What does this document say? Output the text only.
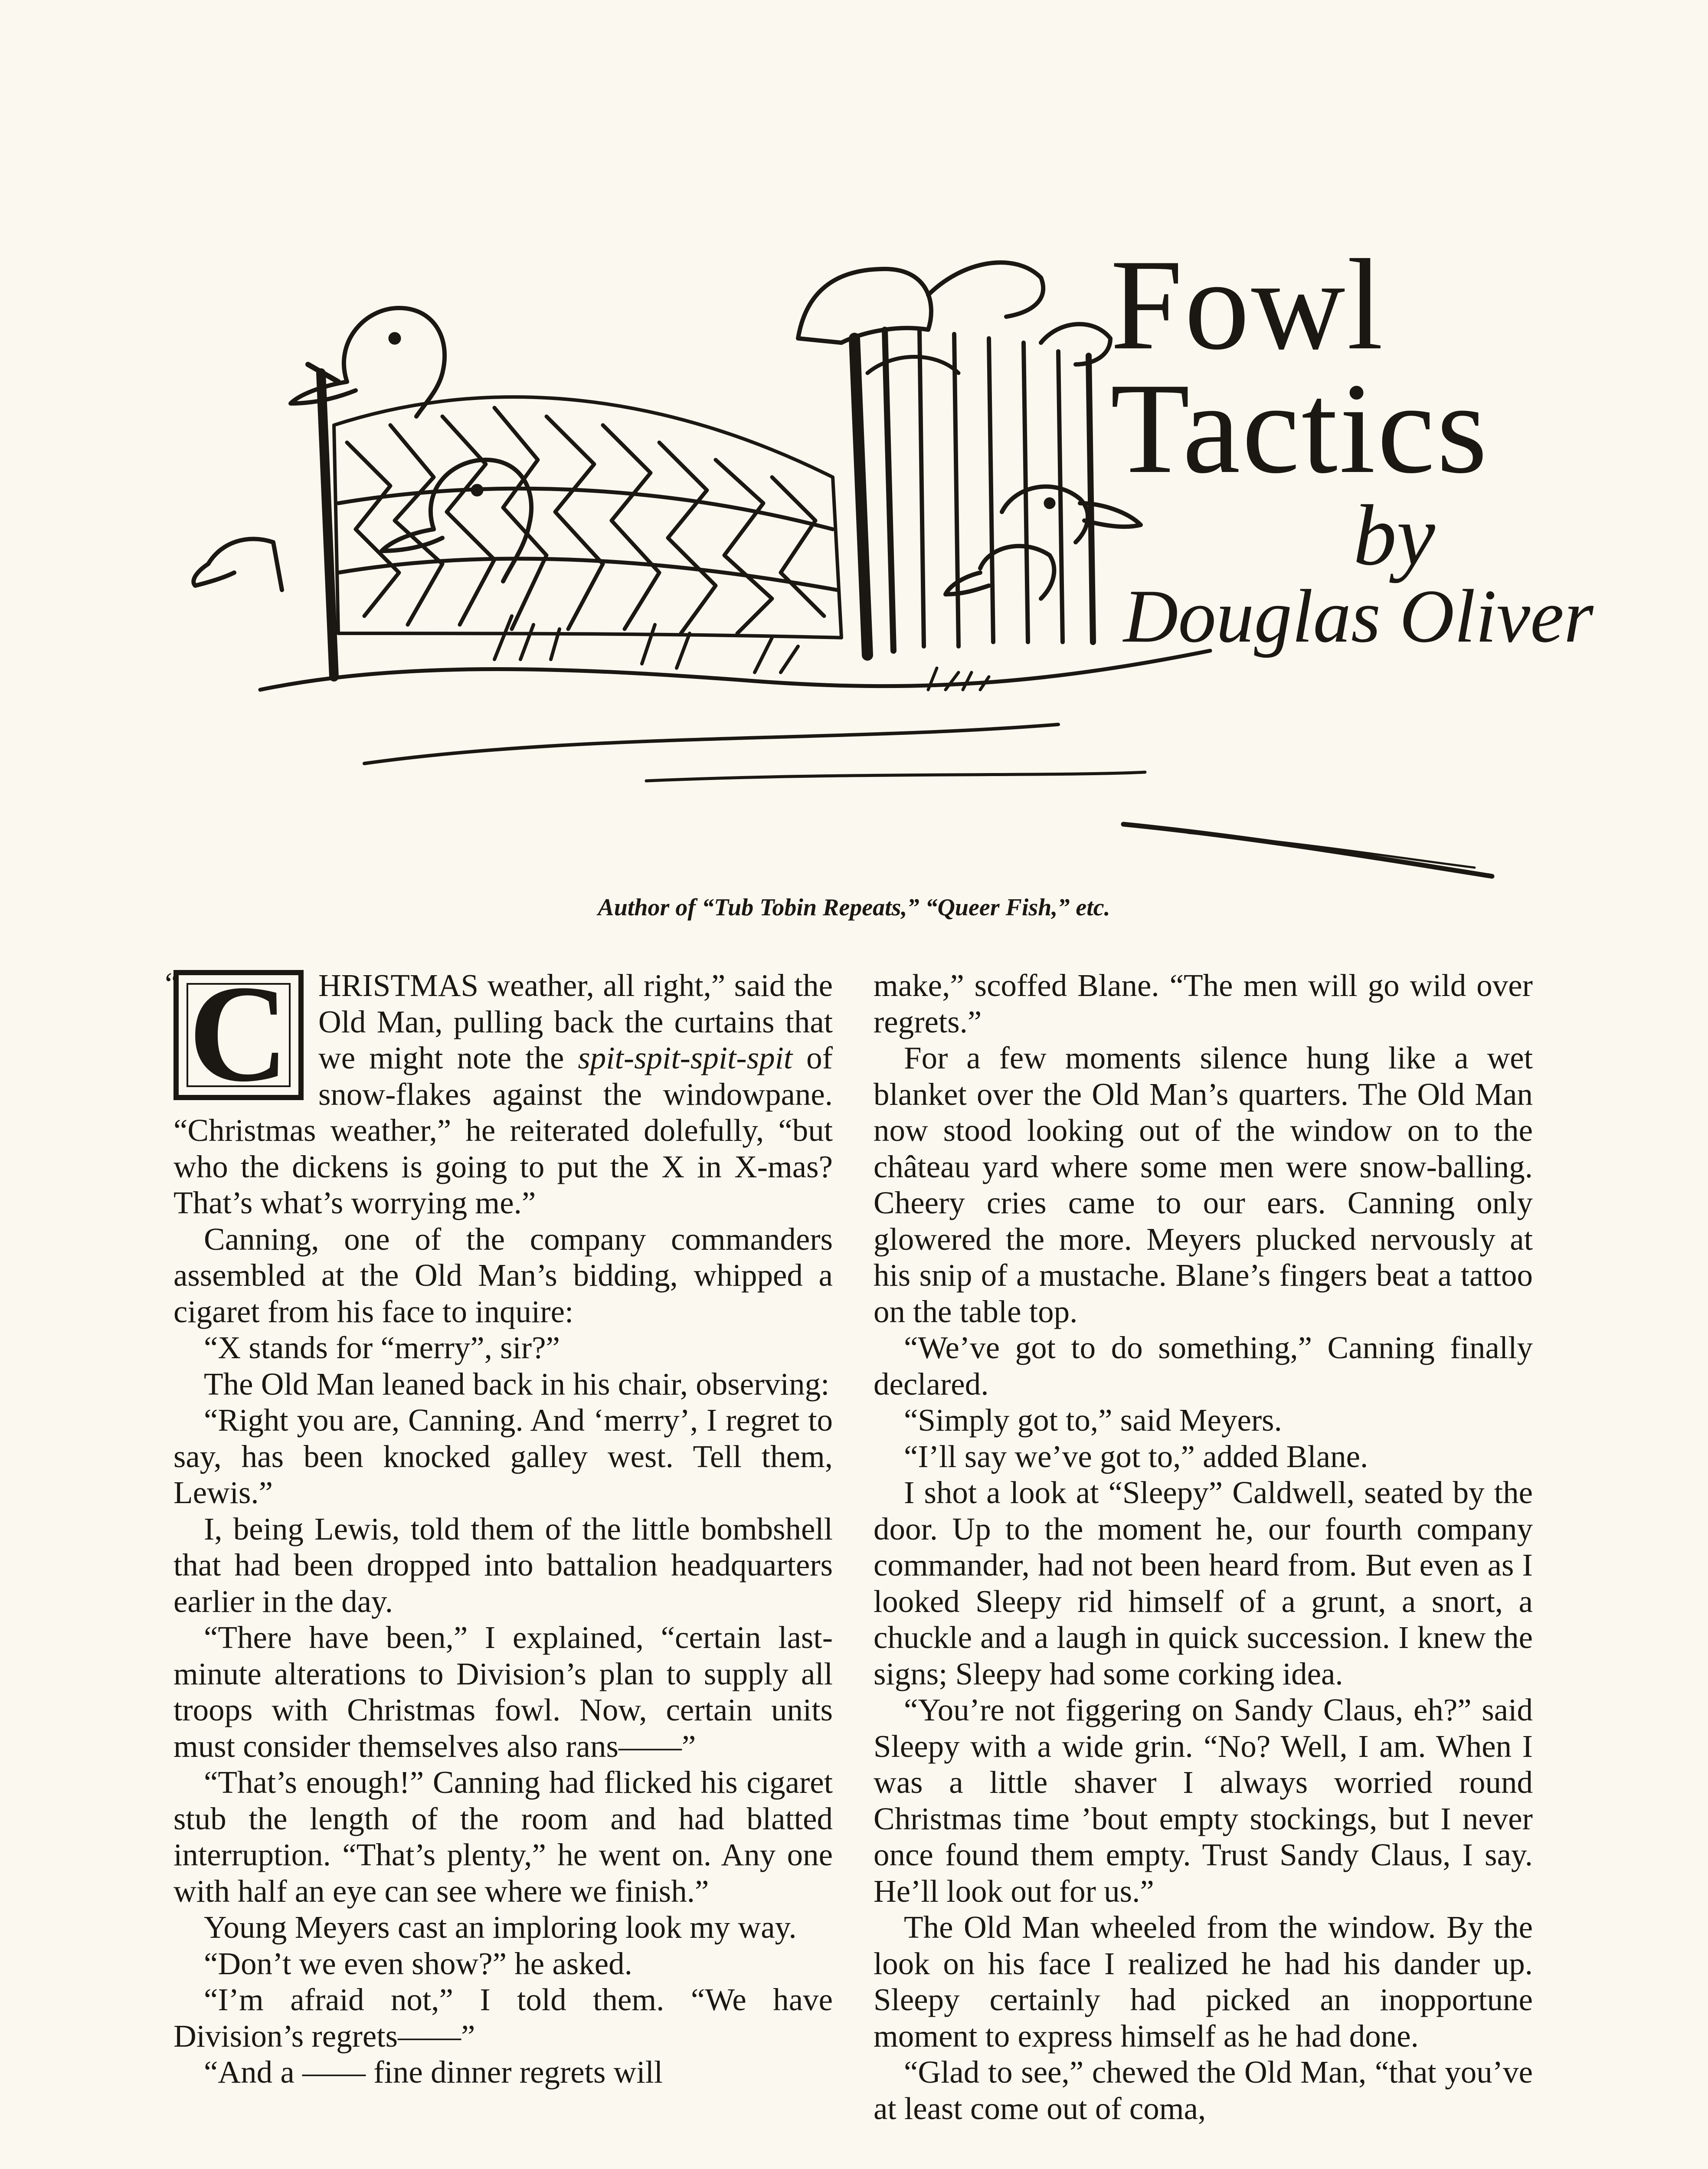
Fowl
Tactics
by
Douglas Oliver
Author of “Tub Tobin Repeats,” “Queer Fish,” etc.
“ C HRISTMAS weather, all right,” said the Old Man, pulling back the curtains that we might note the spit-spit-spit-spit of snow-flakes against the windowpane. “Christmas weather,” he reiterated dolefully, “but who the dickens is going to put the X in X-mas? That’s what’s worrying me.”

Canning, one of the company commanders assembled at the Old Man’s bidding, whipped a cigaret from his face to inquire:

“X stands for “merry”, sir?”

The Old Man leaned back in his chair, observing:

“Right you are, Canning. And ‘merry’, I regret to say, has been knocked galley west. Tell them, Lewis.”

I, being Lewis, told them of the little bombshell that had been dropped into battalion headquarters earlier in the day.

“There have been,” I explained, “certain last-minute alterations to Division’s plan to supply all troops with Christmas fowl. Now, certain units must consider themselves also rans——”

“That’s enough!” Canning had flicked his cigaret stub the length of the room and had blatted interruption. “That’s plenty,” he went on. Any one with half an eye can see where we finish.”

Young Meyers cast an imploring look my way.

“Don’t we even show?” he asked.

“I’m afraid not,” I told them. “We have Division’s regrets——”

“And a —— fine dinner regrets will

make,” scoffed Blane. “The men will go wild over regrets.”

For a few moments silence hung like a wet blanket over the Old Man’s quarters. The Old Man now stood looking out of the window on to the château yard where some men were snow-balling. Cheery cries came to our ears. Canning only glowered the more. Meyers plucked nervously at his snip of a mustache. Blane’s fingers beat a tattoo on the table top.

“We’ve got to do something,” Canning finally declared.

“Simply got to,” said Meyers.

“I’ll say we’ve got to,” added Blane.

I shot a look at “Sleepy” Caldwell, seated by the door. Up to the moment he, our fourth company commander, had not been heard from. But even as I looked Sleepy rid himself of a grunt, a snort, a chuckle and a laugh in quick succession. I knew the signs; Sleepy had some corking idea.

“You’re not figgering on Sandy Claus, eh?” said Sleepy with a wide grin. “No? Well, I am. When I was a little shaver I always worried round Christmas time ’bout empty stockings, but I never once found them empty. Trust Sandy Claus, I say. He’ll look out for us.”

The Old Man wheeled from the window. By the look on his face I realized he had his dander up. Sleepy certainly had picked an inopportune moment to express himself as he had done.

“Glad to see,” chewed the Old Man, “that you’ve at least come out of coma,
